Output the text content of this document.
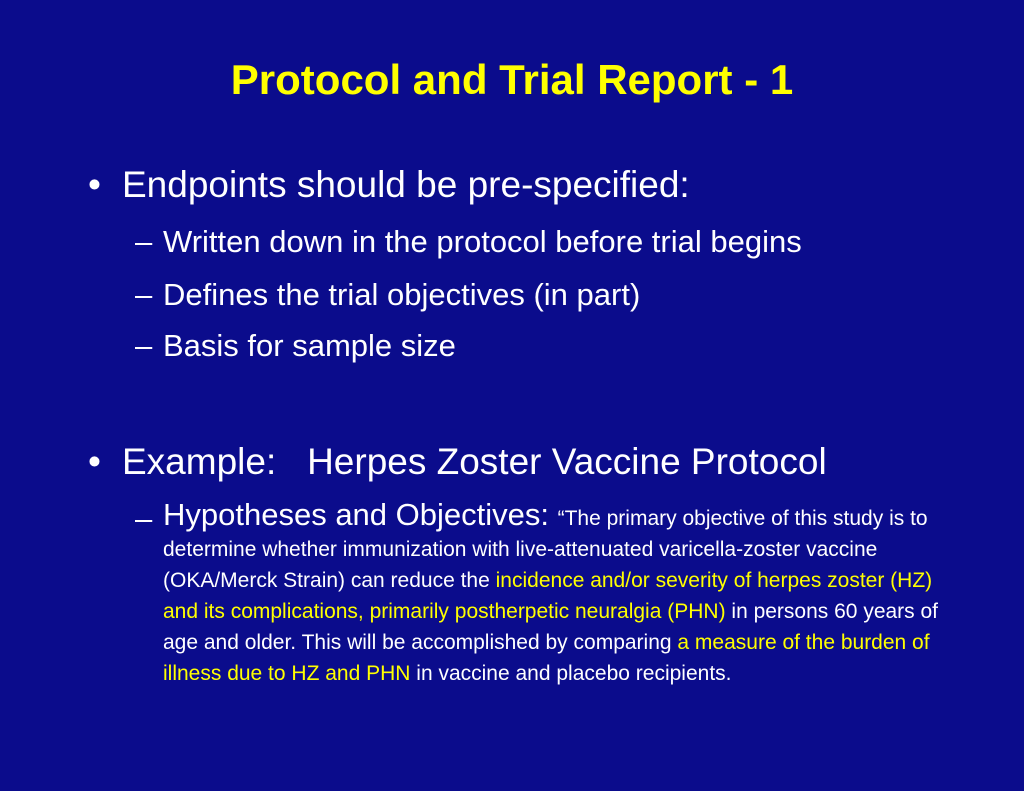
Protocol and Trial Report - 1
• Endpoints should be pre-specified:
– Written down in the protocol before trial begins
– Defines the trial objectives (in part)
– Basis for sample size
• Example:   Herpes Zoster Vaccine Protocol
– Hypotheses and Objectives: “The primary objective of this study is to determine whether immunization with live-attenuated varicella-zoster vaccine (OKA/Merck Strain) can reduce the incidence and/or severity of herpes zoster (HZ) and its complications, primarily postherpetic neuralgia (PHN) in persons 60 years of age and older. This will be accomplished by comparing a measure of the burden of illness due to HZ and PHN in vaccine and placebo recipients.
